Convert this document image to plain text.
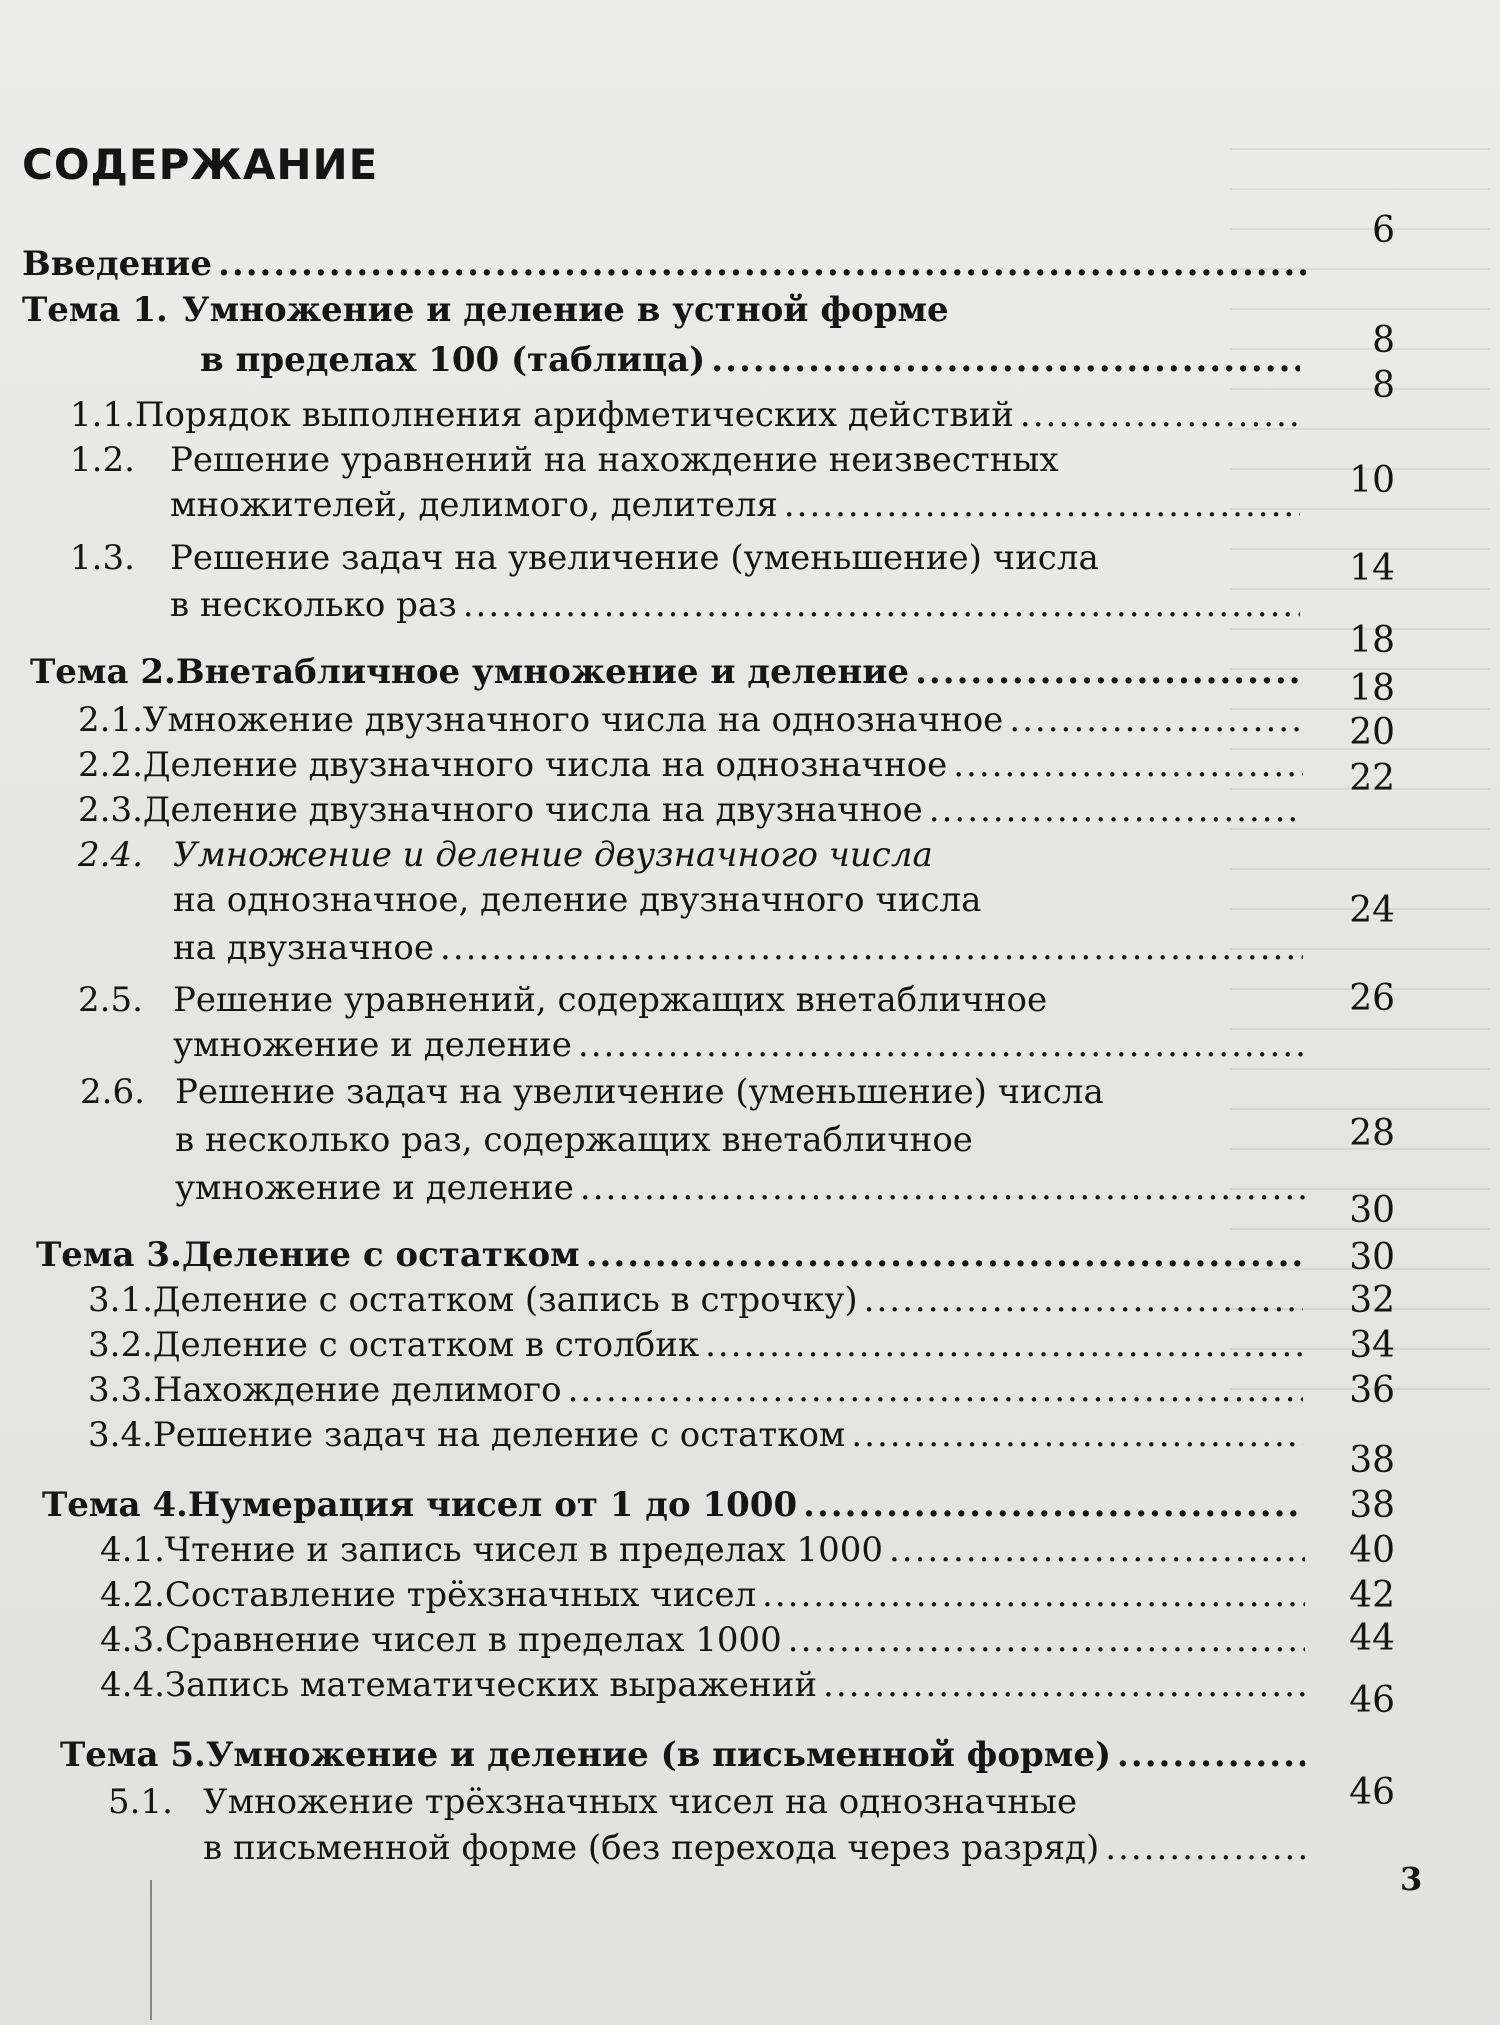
СОДЕРЖАНИЕ
Введение
.....
6
Тема 1. Умножение и деление в устной форме
в пределах 100 (таблица)
.....	8
1.1. Порядок выполнения арифметических действий
.....
8
1.2.	Решение уравнений на нахождение неизвестных
множителей, делимого, делителя
.....
10
1.3.	Решение задач на увеличение (уменьшение) числа
в несколько раз
.....
14
Тема 2. Внетабличное умножение и деление
.....
18
2.1. Умножение двузначного числа на однозначное
.....
18
2.2. Деление двузначного числа на однозначное
.....
20
2.3. Деление двузначного числа на двузначное
.....
22
2.4. Умножение и деление двузначного числа
на однозначное, деление двузначного числа
на двузначное
.....
24
2.5. Решение уравнений, содержащих внетабличное
умножение и деление
.....
26
2.6. Решение задач на увеличение (уменьшение) числа
в несколько раз, содержащих внетабличное
умножение и деление
.....
28
Тема 3. Деление с остатком
.....
30
3.1. Деление с остатком (запись в строчку)
.....
30
3.2. Деление с остатком в столбик
.....
32
3.3. Нахождение делимого
.....
34
3.4. Решение задач на деление с остатком
.....
36
Тема 4. Нумерация чисел от 1 до 1000
.....
38
4.1. Чтение и запись чисел в пределах 1000
.....
38
4.2. Составление трёхзначных чисел
.....
40
4.3. Сравнение чисел в пределах 1000
.....
42
4.4. Запись математических выражений
.....
44
Тема 5. Умножение и деление (в письменной форме)
.....
46
5.1. Умножение трёхзначных чисел на однозначные
в письменной форме (без перехода через разряд)
.....
46

3
